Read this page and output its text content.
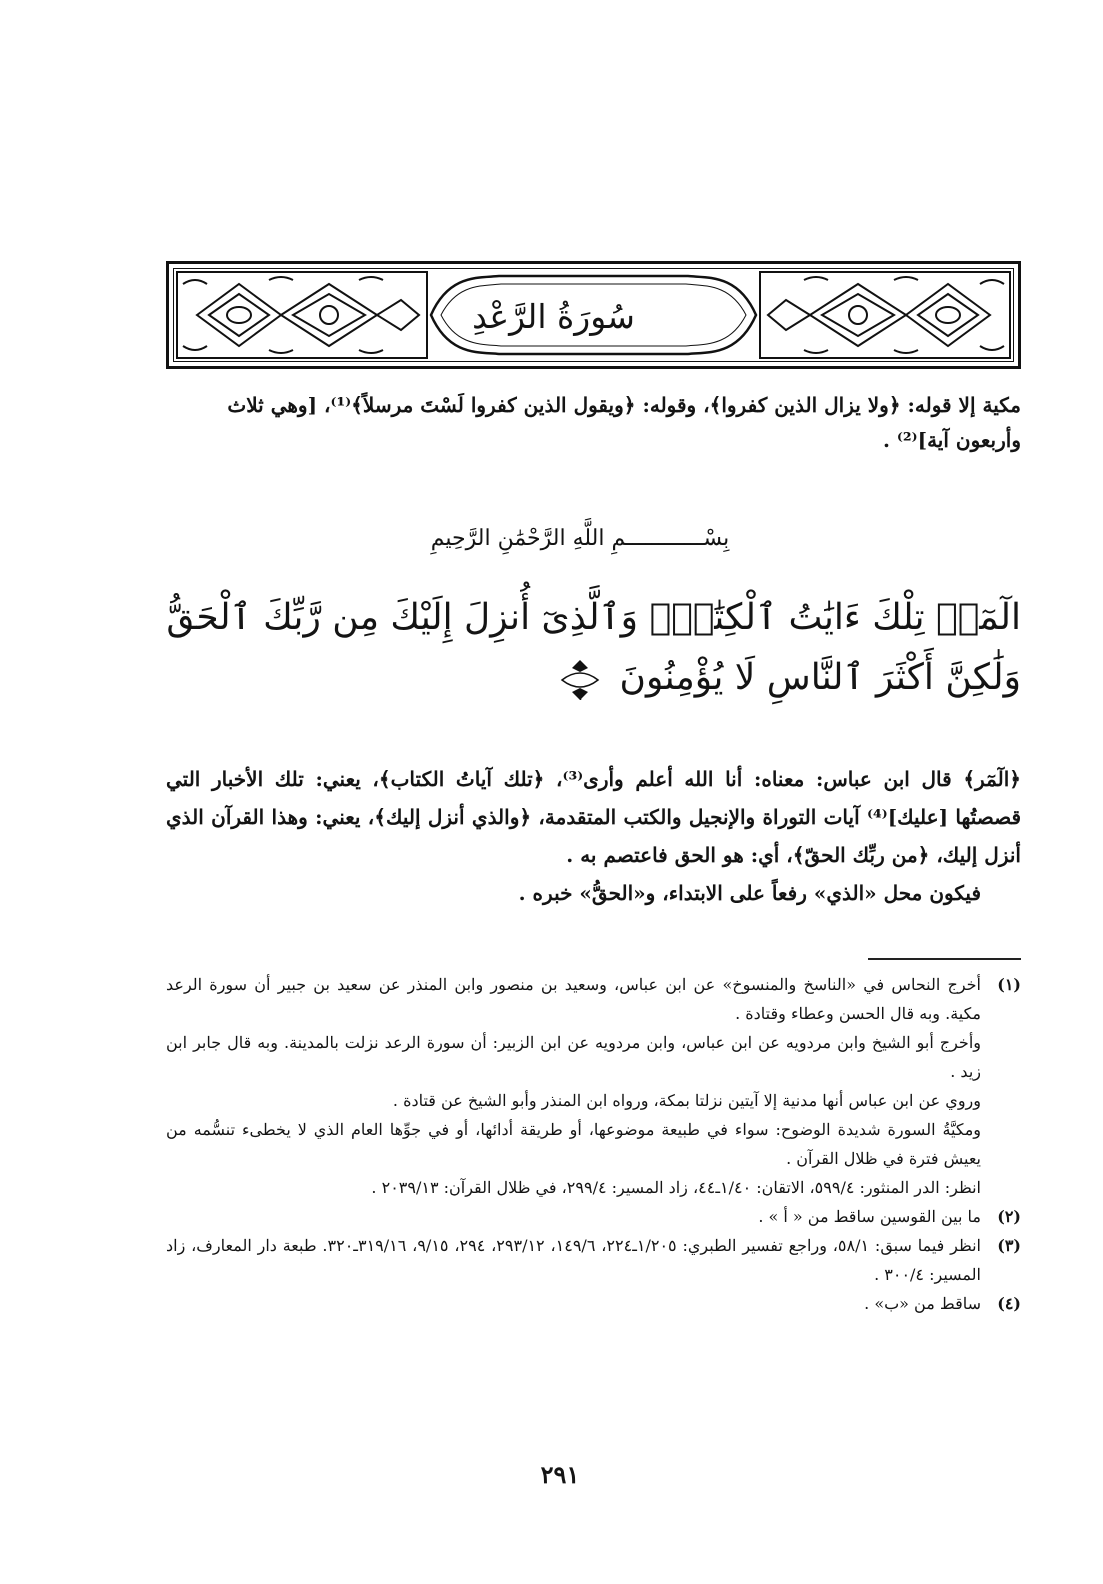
سُورَةُ الرَّعْدِ
مكية إلا قوله: ﴿ولا يزال الذين كفروا﴾، وقوله: ﴿ويقول الذين كفروا لَسْتَ مرسلاً﴾⁽¹⁾، [وهي ثلاث وأربعون آية]⁽²⁾ .
بِسْــــــــــــمِ اللَّهِ الرَّحْمَٰنِ الرَّحِيمِ
الٓمٓرۚ تِلْكَ ءَايَٰتُ ٱلْكِتَٰبِۗ وَٱلَّذِىٓ أُنزِلَ إِلَيْكَ مِن رَّبِّكَ ٱلْحَقُّ وَلَٰكِنَّ أَكْثَرَ ٱلنَّاسِ لَا يُؤْمِنُونَ
١

﴿الٓمٓر﴾ قال ابن عباس: معناه: أنا الله أعلم وأرى⁽³⁾، ﴿تلك آياتُ الكتاب﴾، يعني: تلك الأخبار التي قصصتُها [عليك]⁽⁴⁾ آيات التوراة والإنجيل والكتب المتقدمة، ﴿والذي أنزل إليك﴾، يعني: وهذا القرآن الذي أنزل إليك، ﴿من ربِّك الحقّ﴾، أي: هو الحق فاعتصم به .

فيكون محل «الذي» رفعاً على الابتداء، و«الحقُّ» خبره .

(١)
أخرج النحاس في «الناسخ والمنسوخ» عن ابن عباس، وسعيد بن منصور وابن المنذر عن سعيد بن جبير أن سورة الرعد مكية. وبه قال الحسن وعطاء وقتادة .
وأخرج أبو الشيخ وابن مردويه عن ابن عباس، وابن مردويه عن ابن الزبير: أن سورة الرعد نزلت بالمدينة. وبه قال جابر ابن زيد .
وروي عن ابن عباس أنها مدنية إلا آيتين نزلتا بمكة، ورواه ابن المنذر وأبو الشيخ عن قتادة .
ومكيَّةُ السورة شديدة الوضوح: سواء في طبيعة موضوعها، أو طريقة أدائها، أو في جوِّها العام الذي لا يخطىء تنسُّمه من يعيش فترة في ظلال القرآن .
انظر: الدر المنثور: ٥٩٩/٤، الاتقان: ١/٤٠ـ٤٤، زاد المسير: ٢٩٩/٤، في ظلال القرآن: ٢٠٣٩/١٣ .
(٢)
ما بين القوسين ساقط من « أ » .
(٣)
انظر فيما سبق: ٥٨/١، وراجع تفسير الطبري: ١/٢٠٥ـ٢٢٤، ١٤٩/٦، ٢٩٣/١٢، ٢٩٤، ٩/١٥، ٣١٩/١٦ـ٣٢٠. طبعة دار المعارف، زاد المسير: ٣٠٠/٤ .
(٤)
ساقط من «ب» .
٢٩١
